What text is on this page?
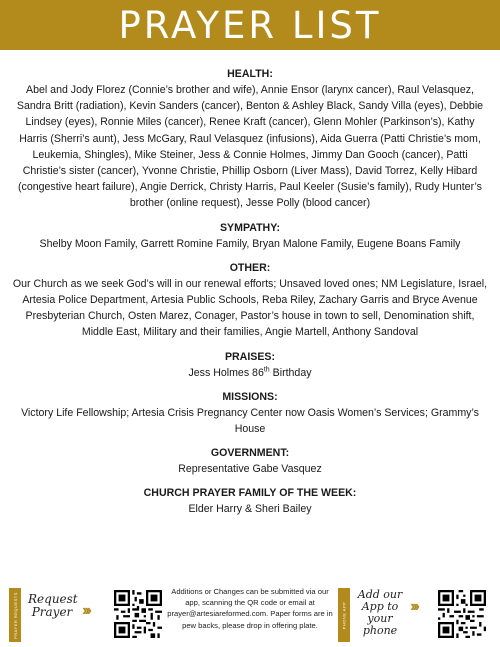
PRAYER LIST
HEALTH:

Abel and Jody Florez (Connie’s brother and wife), Annie Ensor (larynx cancer), Raul Velasquez, Sandra Britt (radiation), Kevin Sanders (cancer), Benton & Ashley Black, Sandy Villa (eyes), Debbie Lindsey (eyes), Ronnie Miles (cancer), Renee Kraft (cancer), Glenn Mohler (Parkinson’s), Kathy Harris (Sherri’s aunt), Jess McGary, Raul Velasquez (infusions), Aida Guerra (Patti Christie’s mom, Leukemia, Shingles), Mike Steiner, Jess & Connie Holmes, Jimmy Dan Gooch (cancer), Patti Christie’s sister (cancer), Yvonne Christie, Phillip Osborn (Liver Mass), David Torrez, Kelly Hibard (congestive heart failure), Angie Derrick, Christy Harris, Paul Keeler (Susie’s family), Rudy Hunter’s brother (online request), Jesse Polly (blood cancer)

SYMPATHY:

Shelby Moon Family, Garrett Romine Family, Bryan Malone Family, Eugene Boans Family

OTHER:

Our Church as we seek God’s will in our renewal efforts; Unsaved loved ones; NM Legislature, Israel, Artesia Police Department, Artesia Public Schools, Reba Riley, Zachary Garris and Bryce Avenue Presbyterian Church, Osten Marez, Conager, Pastor’s house in town to sell, Denomination shift, Middle East, Military and their families, Angie Martell, Anthony Sandoval

PRAISES:

Jess Holmes 86th Birthday

MISSIONS:

Victory Life Fellowship; Artesia Crisis Pregnancy Center now Oasis Women’s Services; Grammy’s House

GOVERNMENT:

Representative Gabe Vasquez

CHURCH PRAYER FAMILY OF THE WEEK:

Elder Harry & Sheri Bailey

PRAYER REQUESTS Request
Prayer ›››
Additions or Changes can be submitted via our app, scanning the QR code or email at prayer@artesiareformed.com. Paper forms are in pew backs, please drop in offering plate.	PHONE APP
Add our
App to
your phone
›››
